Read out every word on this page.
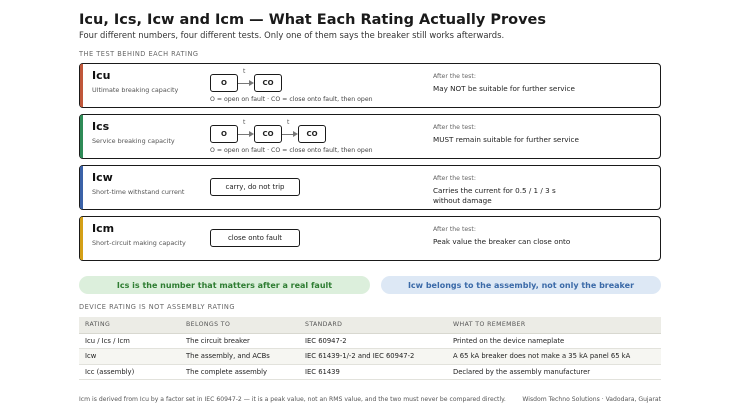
Icu, Ics, Icw and Icm — What Each Rating Actually Proves
Four different numbers, four different tests. Only one of them says the breaker still works afterwards.
THE TEST BEHIND EACH RATING
Icu
Ultimate breaking capacity
O
t
CO
O = open on fault · CO = close onto fault, then open
After the test:
May NOT be suitable for further service
Ics
Service breaking capacity
O
t
CO
t
CO
O = open on fault · CO = close onto fault, then open
After the test:
MUST remain suitable for further service
Icw
Short-time withstand current
carry, do not trip
After the test:
Carries the current for 0.5 / 1 / 3 s
without damage
Icm
Short-circuit making capacity
close onto fault
After the test:
Peak value the breaker can close onto
Ics is the number that matters after a real fault	Icw belongs to the assembly, not only the breaker
DEVICE RATING IS NOT ASSEMBLY RATING
RATING	BELONGS TO	STANDARD	WHAT TO REMEMBER
Icu / Ics / Icm	The circuit breaker	IEC 60947-2	Printed on the device nameplate
Icw	The assembly, and ACBs	IEC 61439-1/-2 and IEC 60947-2	A 65 kA breaker does not make a 35 kA panel 65 kA
Icc (assembly)	The complete assembly	IEC 61439	Declared by the assembly manufacturer
Icm is derived from Icu by a factor set in IEC 60947-2 — it is a peak value, not an RMS value, and the two must never be compared directly.	Wisdom Techno Solutions · Vadodara, Gujarat
